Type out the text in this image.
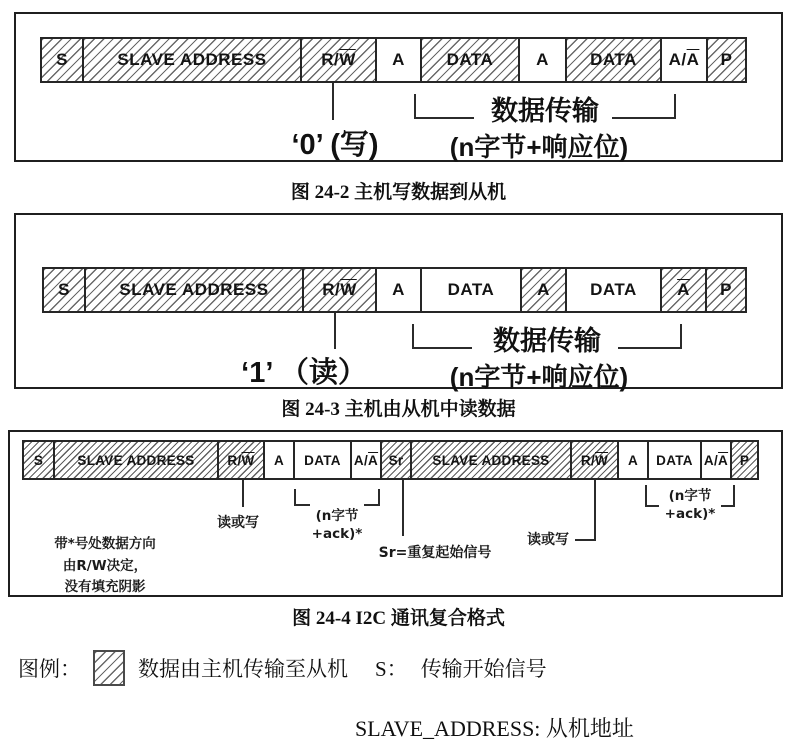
S	SLAVE ADDRESS	$R/\overline{W}$ A DATA	A DATA $A/\overline{A}$ P
‘0’ (写)
数据传输
(n字节+响应位)
图 24-2 主机写数据到从机
S	SLAVE ADDRESS	$R/\overline{W}$ A	DATA	A DATA $\overline{A}$ P
‘1’ （读）
数据传输
(n字节+响应位)
图 24-3 主机由从机中读数据
S	SLAVE ADDRESS $R/\overline{W}$ A DATA $A/\overline{A}$ Sr SLAVE ADDRESS $R/\overline{W}$ A DATA $A/\overline{A}$ P
读或写	(n字节
+ack)*
Sr=重复起始信号
读或写
(n字节
+ack)*
带*号处数据方向
由R/W决定，
没有填充阴影
图 24-4 I2C 通讯复合格式
图例：	数据由主机传输至从机 S： 传输开始信号
SLAVE_ADDRESS: 从机地址
